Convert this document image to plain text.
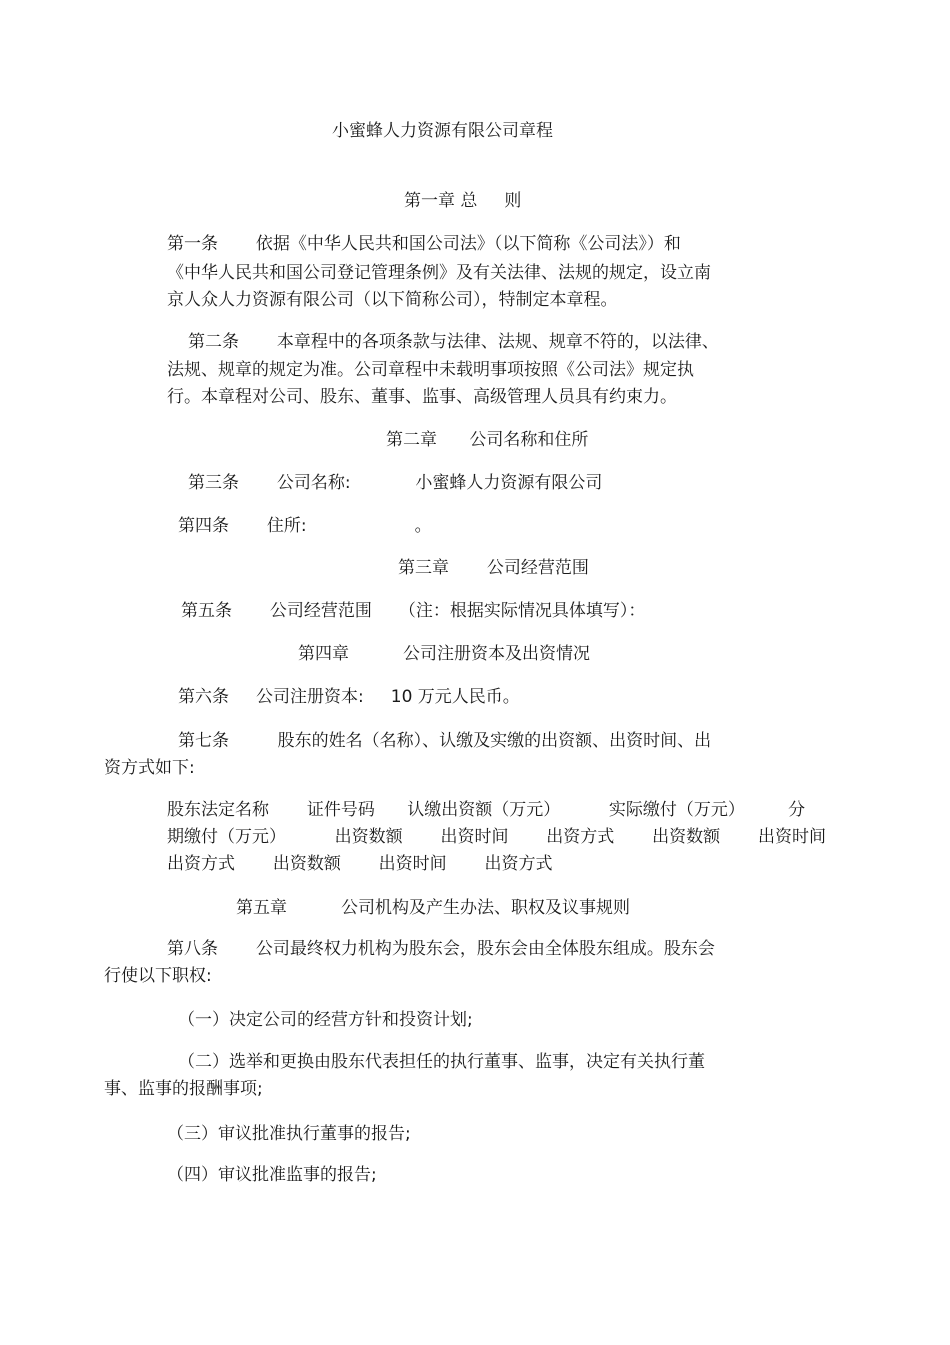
小蜜蜂人力资源有限公司章程

第一章 总     则

第一条       依据《中华人民共和国公司法》（以下简称《公司法》）和

《中华人民共和国公司登记管理条例》及有关法律、法规的规定，设立南

京人众人力资源有限公司（以下简称公司），特制定本章程。

第二条       本章程中的各项条款与法律、法规、规章不符的，以法律、

法规、规章的规定为准。公司章程中未载明事项按照《公司法》规定执

行。本章程对公司、股东、董事、监事、高级管理人员具有约束力。

第二章      公司名称和住所

第三条       公司名称:            小蜜蜂人力资源有限公司

第四条       住所:                    。

第三章       公司经营范围

第五条       公司经营范围     （注：根据实际情况具体填写）：

第四章          公司注册资本及出资情况

第六条     公司注册资本:     10 万元人民币。

第七条         股东的姓名（名称）、认缴及实缴的出资额、出资时间、出

资方式如下:

股东法定名称       证件号码      认缴出资额（万元）         实际缴付（万元）        分

期缴付（万元）         出资数额       出资时间       出资方式       出资数额       出资时间

出资方式       出资数额       出资时间       出资方式

第五章          公司机构及产生办法、职权及议事规则

第八条       公司最终权力机构为股东会，股东会由全体股东组成。股东会

行使以下职权:

（一）决定公司的经营方针和投资计划;

（二）选举和更换由股东代表担任的执行董事、监事，决定有关执行董

事、监事的报酬事项;

（三）审议批准执行董事的报告;

（四）审议批准监事的报告;
